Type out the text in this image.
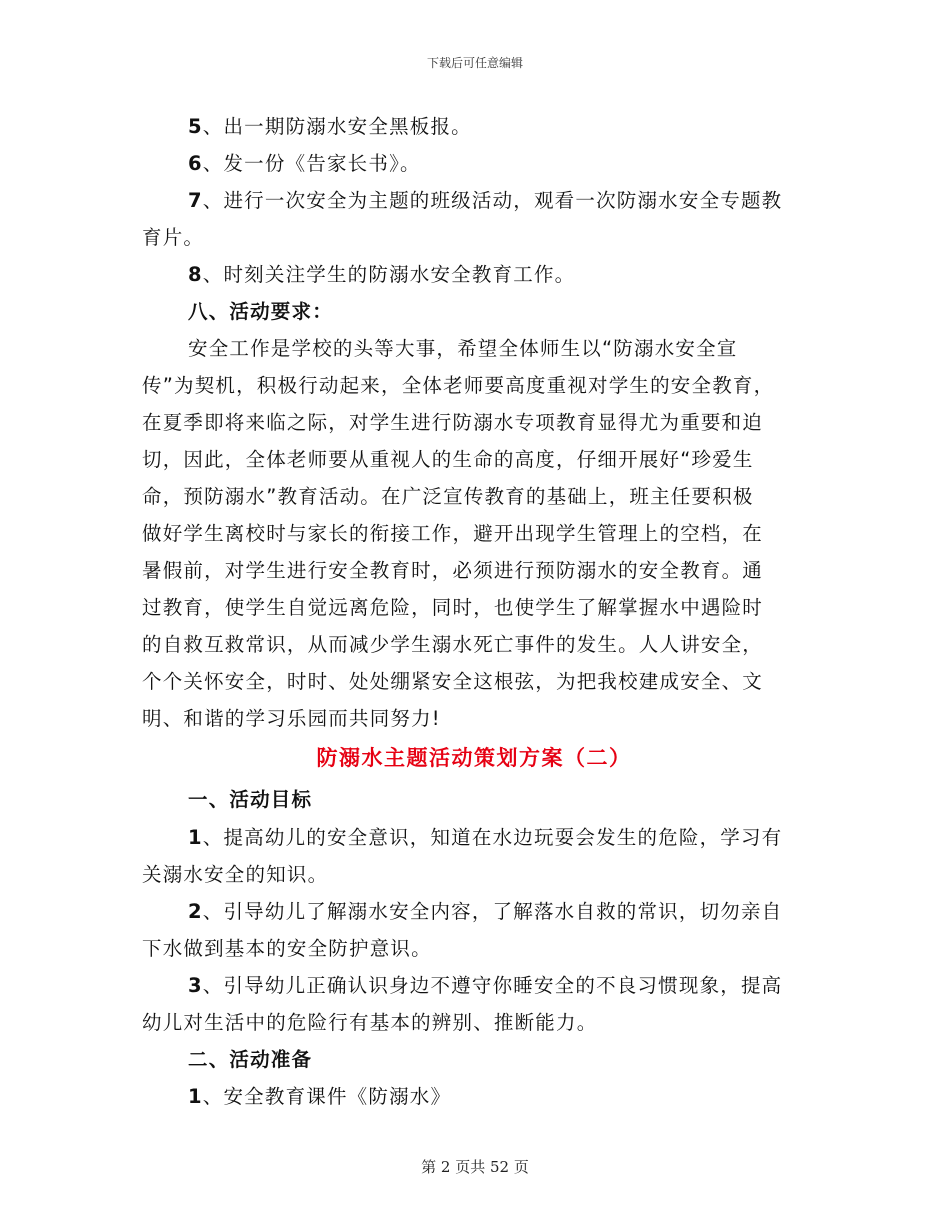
下载后可任意编辑
5、出一期防溺水安全黑板报。
6、发一份《告家长书》。
7、进行一次安全为主题的班级活动，观看一次防溺水安全专题教
育片。
8、时刻关注学生的防溺水安全教育工作。
八、活动要求：
安全工作是学校的头等大事，希望全体师生以“防溺水安全宣
传”为契机，积极行动起来，全体老师要高度重视对学生的安全教育，
在夏季即将来临之际，对学生进行防溺水专项教育显得尤为重要和迫
切，因此，全体老师要从重视人的生命的高度，仔细开展好“珍爱生
命，预防溺水”教育活动。在广泛宣传教育的基础上，班主任要积极
做好学生离校时与家长的衔接工作，避开出现学生管理上的空档，在
暑假前，对学生进行安全教育时，必须进行预防溺水的安全教育。通
过教育，使学生自觉远离危险，同时，也使学生了解掌握水中遇险时
的自救互救常识，从而减少学生溺水死亡事件的发生。人人讲安全，
个个关怀安全，时时、处处绷紧安全这根弦，为把我校建成安全、文
明、和谐的学习乐园而共同努力!
防溺水主题活动策划方案（二）
一、活动目标
1、提高幼儿的安全意识，知道在水边玩耍会发生的危险，学习有
关溺水安全的知识。
2、引导幼儿了解溺水安全内容，了解落水自救的常识，切勿亲自
下水做到基本的安全防护意识。
3、引导幼儿正确认识身边不遵守你睡安全的不良习惯现象，提高
幼儿对生活中的危险行有基本的辨别、推断能力。
二、活动准备
1、安全教育课件《防溺水》
第 2 页共 52 页
